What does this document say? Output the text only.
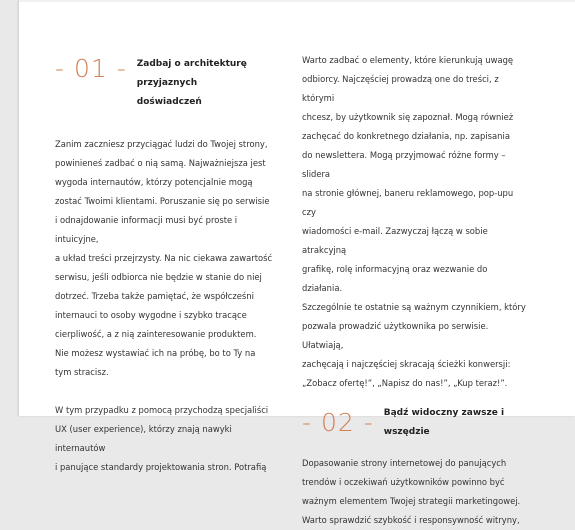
- 01 - Zadbaj o architekturę przyjaznych
doświadczeń

Zanim zaczniesz przyciągać ludzi do Twojej strony,

powinieneś zadbać o nią samą. Najważniejsza jest

wygoda internautów, którzy potencjalnie mogą

zostać Twoimi klientami. Poruszanie się po serwisie

i odnajdowanie informacji musi być proste i intuicyjne,

a układ treści przejrzysty. Na nic ciekawa zawartość

serwisu, jeśli odbiorca nie będzie w stanie do niej

dotrzeć. Trzeba także pamiętać, że współcześni

internauci to osoby wygodne i szybko tracące

cierpliwość, a z nią zainteresowanie produktem.

Nie możesz wystawiać ich na próbę, bo to Ty na

tym stracisz.

W tym przypadku z pomocą przychodzą specjaliści

UX (user experience), którzy znają nawyki internautów

i panujące standardy projektowania stron. Potrafią

Warto zadbać o elementy, które kierunkują uwagę

odbiorcy. Najczęściej prowadzą one do treści, z którymi

chcesz, by użytkownik się zapoznał. Mogą również

zachęcać do konkretnego działania, np. zapisania

do newslettera. Mogą przyjmować różne formy – slidera

na stronie głównej, baneru reklamowego, pop-upu czy

wiadomości e-mail. Zazwyczaj łączą w sobie atrakcyjną

grafikę, rolę informacyjną oraz wezwanie do działania.

Szczególnie te ostatnie są ważnym czynnikiem, który

pozwala prowadzić użytkownika po serwisie. Ułatwiają,

zachęcają i najczęściej skracają ścieżki konwersji:

„Zobacz ofertę!”, „Napisz do nas!”, „Kup teraz!”.

- 02 - Bądź widoczny zawsze i wszędzie

Dopasowanie strony internetowej do panujących

trendów i oczekiwań użytkowników powinno być

ważnym elementem Twojej strategii marketingowej.

Warto sprawdzić szybkość i responsywność witryny,
